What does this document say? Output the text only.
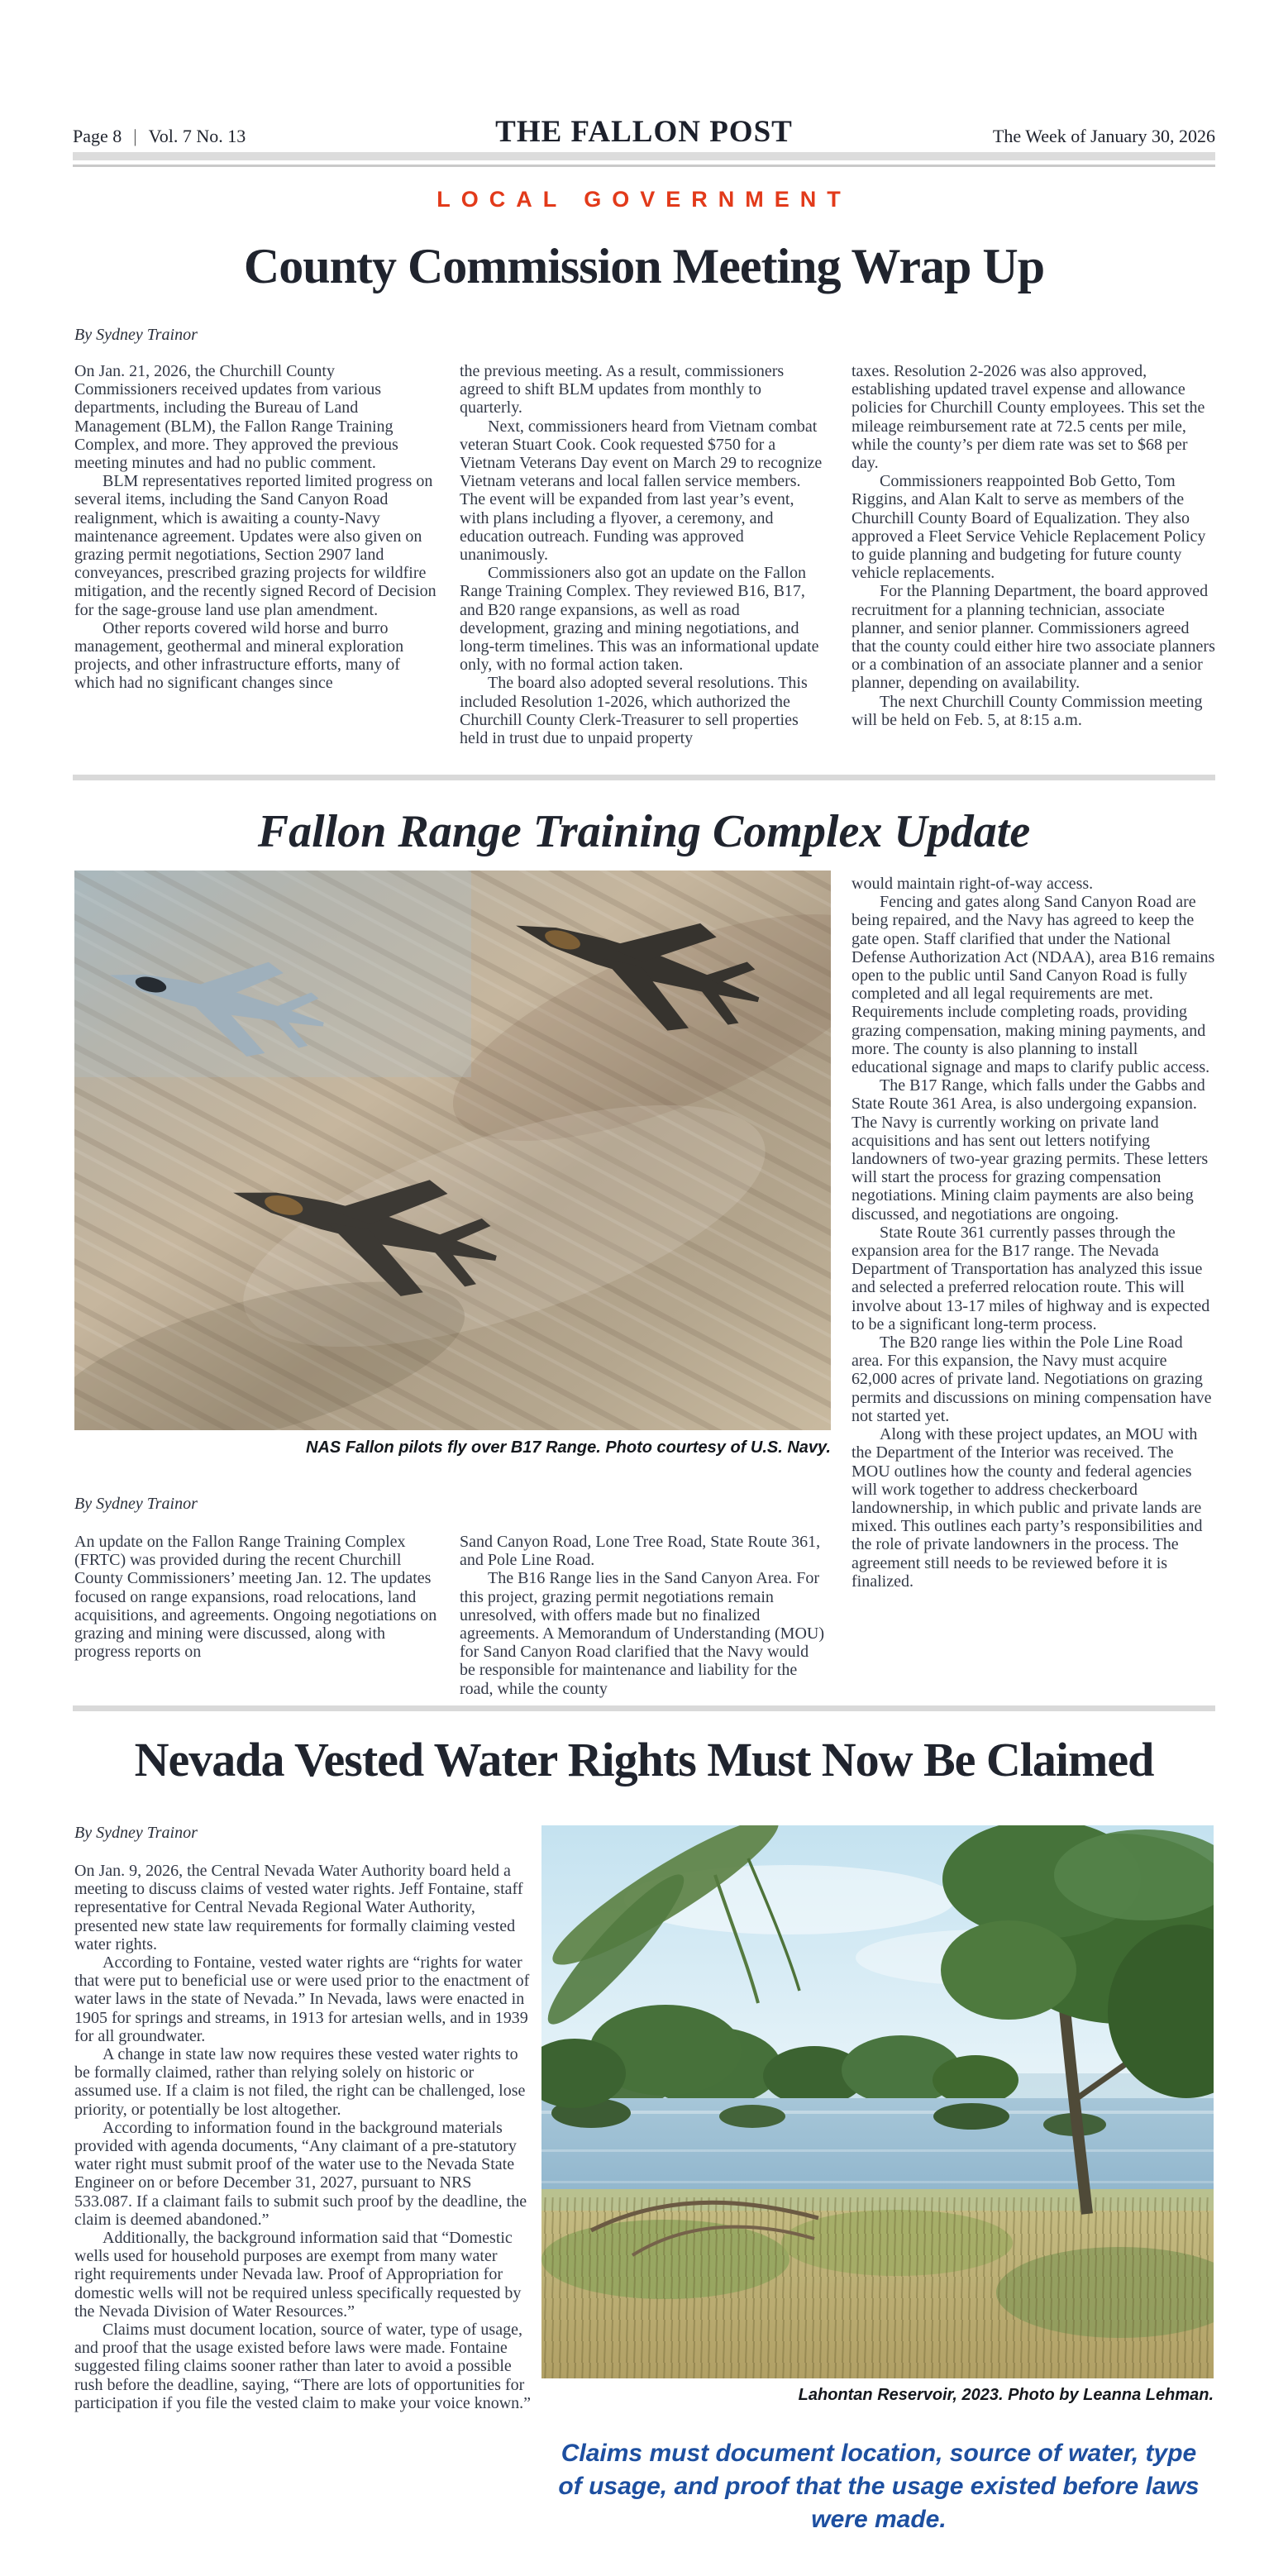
Page 8 | Vol. 7 No. 13	THE FALLON POST	The Week of January 30, 2026
LOCAL GOVERNMENT
County Commission Meeting Wrap Up
By Sydney Trainor

On Jan. 21, 2026, the Churchill County Commissioners received updates from various departments, including the Bureau of Land Management (BLM), the Fallon Range Training Complex, and more. They approved the previous meeting minutes and had no public comment.

BLM representatives reported limited progress on several items, including the Sand Canyon Road realignment, which is awaiting a county-Navy maintenance agreement. Updates were also given on grazing permit negotiations, Section 2907 land conveyances, prescribed grazing projects for wildfire mitigation, and the recently signed Record of Decision for the sage-grouse land use plan amendment.

Other reports covered wild horse and burro management, geothermal and mineral exploration projects, and other infrastructure efforts, many of which had no significant changes since

the previous meeting. As a result, commissioners agreed to shift BLM updates from monthly to quarterly.

Next, commissioners heard from Vietnam combat veteran Stuart Cook. Cook requested $750 for a Vietnam Veterans Day event on March 29 to recognize Vietnam veterans and local fallen service members. The event will be expanded from last year’s event, with plans including a flyover, a ceremony, and education outreach. Funding was approved unanimously.

Commissioners also got an update on the Fallon Range Training Complex. They reviewed B16, B17, and B20 range expansions, as well as road development, grazing and mining negotiations, and long-term timelines. This was an informational update only, with no formal action taken.

The board also adopted several resolutions. This included Resolution 1-2026, which authorized the Churchill County Clerk-Treasurer to sell properties held in trust due to unpaid property

taxes. Resolution 2-2026 was also approved, establishing updated travel expense and allowance policies for Churchill County employees. This set the mileage reimbursement rate at 72.5 cents per mile, while the county’s per diem rate was set to $68 per day.

Commissioners reappointed Bob Getto, Tom Riggins, and Alan Kalt to serve as members of the Churchill County Board of Equalization. They also approved a Fleet Service Vehicle Replacement Policy to guide planning and budgeting for future county vehicle replacements.

For the Planning Department, the board approved recruitment for a planning technician, associate planner, and senior planner. Commissioners agreed that the county could either hire two associate planners or a combination of an associate planner and a senior planner, depending on availability.

The next Churchill County Commission meeting will be held on Feb. 5, at 8:15 a.m.

Fallon Range Training Complex Update
NAS Fallon pilots fly over B17 Range. Photo courtesy of U.S. Navy.

would maintain right-of-way access.

Fencing and gates along Sand Canyon Road are being repaired, and the Navy has agreed to keep the gate open. Staff clarified that under the National Defense Authorization Act (NDAA), area B16 remains open to the public until Sand Canyon Road is fully completed and all legal requirements are met. Requirements include completing roads, providing grazing compensation, making mining payments, and more. The county is also planning to install educational signage and maps to clarify public access.

The B17 Range, which falls under the Gabbs and State Route 361 Area, is also undergoing expansion. The Navy is currently working on private land acquisitions and has sent out letters notifying landowners of two-year grazing permits. These letters will start the process for grazing compensation negotiations. Mining claim payments are also being discussed, and negotiations are ongoing.

State Route 361 currently passes through the expansion area for the B17 range. The Nevada Department of Transportation has analyzed this issue and selected a preferred relocation route. This will involve about 13-17 miles of highway and is expected to be a significant long-term process.

The B20 range lies within the Pole Line Road area. For this expansion, the Navy must acquire 62,000 acres of private land. Negotiations on grazing permits and discussions on mining compensation have not started yet.

Along with these project updates, an MOU with the Department of the Interior was received. The MOU outlines how the county and federal agencies will work together to address checkerboard landownership, in which public and private lands are mixed. This outlines each party’s responsibilities and the role of private landowners in the process. The agreement still needs to be reviewed before it is finalized.

By Sydney Trainor

An update on the Fallon Range Training Complex (FRTC) was provided during the recent Churchill County Commissioners’ meeting Jan. 12. The updates focused on range expansions, road relocations, land acquisitions, and agreements. Ongoing negotiations on grazing and mining were discussed, along with progress reports on

Sand Canyon Road, Lone Tree Road, State Route 361, and Pole Line Road.

The B16 Range lies in the Sand Canyon Area. For this project, grazing permit negotiations remain unresolved, with offers made but no finalized agreements. A Memorandum of Understanding (MOU) for Sand Canyon Road clarified that the Navy would be responsible for maintenance and liability for the road, while the county

Nevada Vested Water Rights Must Now Be Claimed
By Sydney Trainor

On Jan. 9, 2026, the Central Nevada Water Authority board held a meeting to discuss claims of vested water rights. Jeff Fontaine, staff representative for Central Nevada Regional Water Authority, presented new state law requirements for formally claiming vested water rights.

According to Fontaine, vested water rights are “rights for water that were put to beneficial use or were used prior to the enactment of water laws in the state of Nevada.” In Nevada, laws were enacted in 1905 for springs and streams, in 1913 for artesian wells, and in 1939 for all groundwater.

A change in state law now requires these vested water rights to be formally claimed, rather than relying solely on historic or assumed use. If a claim is not filed, the right can be challenged, lose priority, or potentially be lost altogether.

According to information found in the background materials provided with agenda documents, “Any claimant of a pre-statutory water right must submit proof of the water use to the Nevada State Engineer on or before December 31, 2027, pursuant to NRS 533.087. If a claimant fails to submit such proof by the deadline, the claim is deemed abandoned.”

Additionally, the background information said that “Domestic wells used for household purposes are exempt from many water right requirements under Nevada law. Proof of Appropriation for domestic wells will not be required unless specifically requested by the Nevada Division of Water Resources.”

Claims must document location, source of water, type of usage, and proof that the usage existed before laws were made. Fontaine suggested filing claims sooner rather than later to avoid a possible rush before the deadline, saying, “There are lots of opportunities for participation if you file the vested claim to make your voice known.”	Lahontan Reservoir, 2023. Photo by Leanna Lehman.
Claims must document location, source of water, type of usage, and proof that the usage existed before laws were made.
